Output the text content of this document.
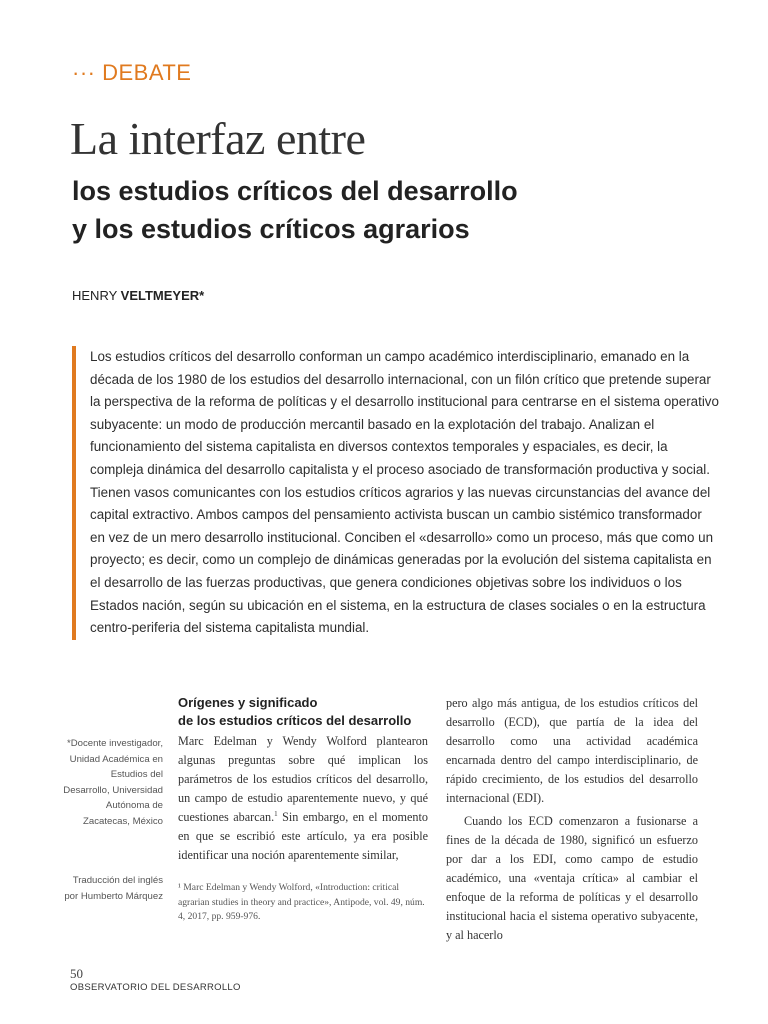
··· DEBATE
La interfaz entre
los estudios críticos del desarrollo
y los estudios críticos agrarios
HENRY VELTMEYER*

Los estudios críticos del desarrollo conforman un campo académico interdisciplinario, emanado en la década de los 1980 de los estudios del desarrollo internacional, con un filón crítico que pretende superar la perspectiva de la reforma de políticas y el desarrollo institucional para centrarse en el sistema operativo subyacente: un modo de producción mercantil basado en la explotación del trabajo. Analizan el funcionamiento del sistema capitalista en diversos contextos temporales y espaciales, es decir, la compleja dinámica del desarrollo capitalista y el proceso asociado de transformación productiva y social. Tienen vasos comunicantes con los estudios críticos agrarios y las nuevas circunstancias del avance del capital extractivo. Ambos campos del pensamiento activista buscan un cambio sistémico transformador en vez de un mero desarrollo institucional. Conciben el «desarrollo» como un proceso, más que como un proyecto; es decir, como un complejo de dinámicas generadas por la evolución del sistema capitalista en el desarrollo de las fuerzas productivas, que genera condiciones objetivas sobre los individuos o los Estados nación, según su ubicación en el sistema, en la estructura de clases sociales o en la estructura centro-periferia del sistema capitalista mundial.

*Docente investigador, Unidad Académica en Estudios del Desarrollo, Universidad Autónoma de Zacatecas, México
Traducción del inglés por Humberto Márquez
Orígenes y significado
de los estudios críticos del desarrollo

Marc Edelman y Wendy Wolford plantearon algunas preguntas sobre qué implican los parámetros de los estudios críticos del desarrollo, un campo de estudio aparentemente nuevo, y qué cuestiones abarcan.$^1$ Sin embargo, en el momento en que se escribió este artículo, ya era posible identificar una noción aparentemente similar,

¹ Marc Edelman y Wendy Wolford, «Introduction: critical agrarian studies in theory and practice», Antipode, vol. 49, núm. 4, 2017, pp. 959-976.

pero algo más antigua, de los estudios críticos del desarrollo (ECD), que partía de la idea del desarrollo como una actividad académica encarnada dentro del campo interdisciplinario, de rápido crecimiento, de los estudios del desarrollo internacional (EDI).

Cuando los ECD comenzaron a fusionarse a fines de la década de 1980, significó un esfuerzo por dar a los EDI, como campo de estudio académico, una «ventaja crítica» al cambiar el enfoque de la reforma de políticas y el desarrollo institucional hacia el sistema operativo subyacente, y al hacerlo

50
OBSERVATORIO DEL DESARROLLO
